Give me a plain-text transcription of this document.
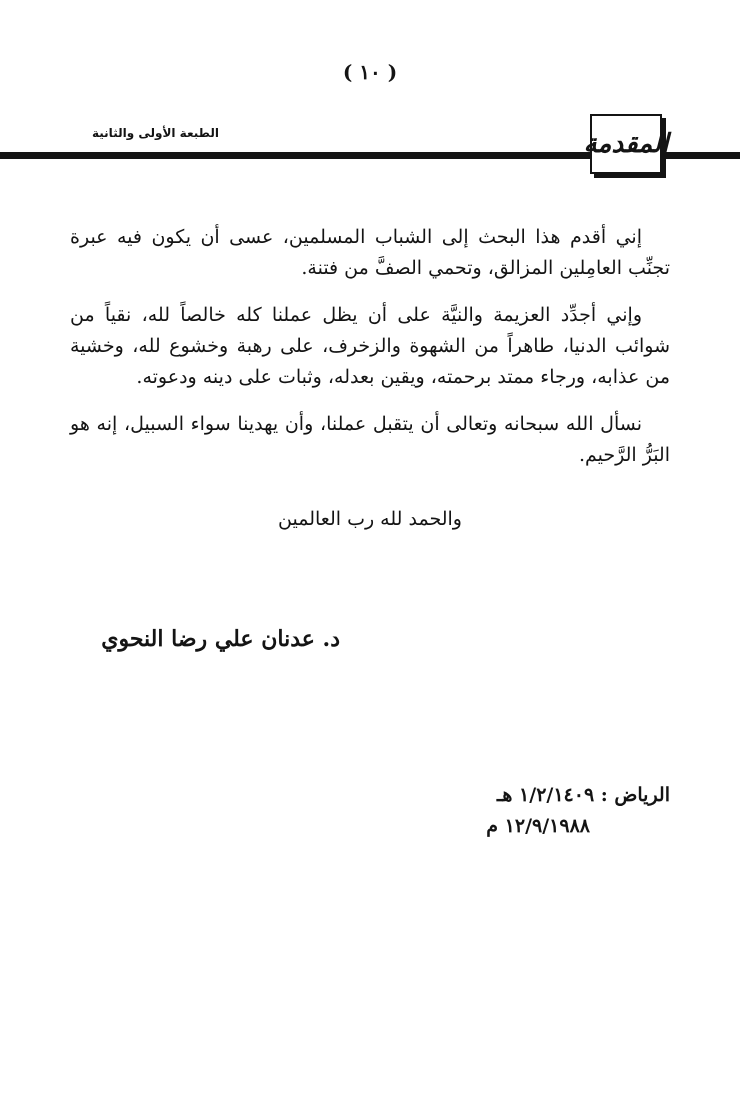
( ١٠ )
الطبعة الأولى والثانية	المقدمة

إني أقدم هذا البحث إلى الشباب المسلمين، عسى أن يكون فيه عبرة تجنِّب العامِلين المزالق، وتحمي الصفَّ من فتنة.

وإني أجدِّد العزيمة والنيَّة على أن يظل عملنا كله خالصاً لله، نقياً من شوائب الدنيا، طاهراً من الشهوة والزخرف، على رهبة وخشوع لله، وخشية من عذابه، ورجاء ممتد برحمته، ويقين بعدله، وثبات على دينه ودعوته.

نسأل الله سبحانه وتعالى أن يتقبل عملنا، وأن يهدينا سواء السبيل، إنه هو البَرُّ الرَّحيم.

والحمد لله رب العالمين
د. عدنان علي رضا النحوي
الرياض : ١/٢/١٤٠٩ هـ
١٢/٩/١٩٨٨ م
